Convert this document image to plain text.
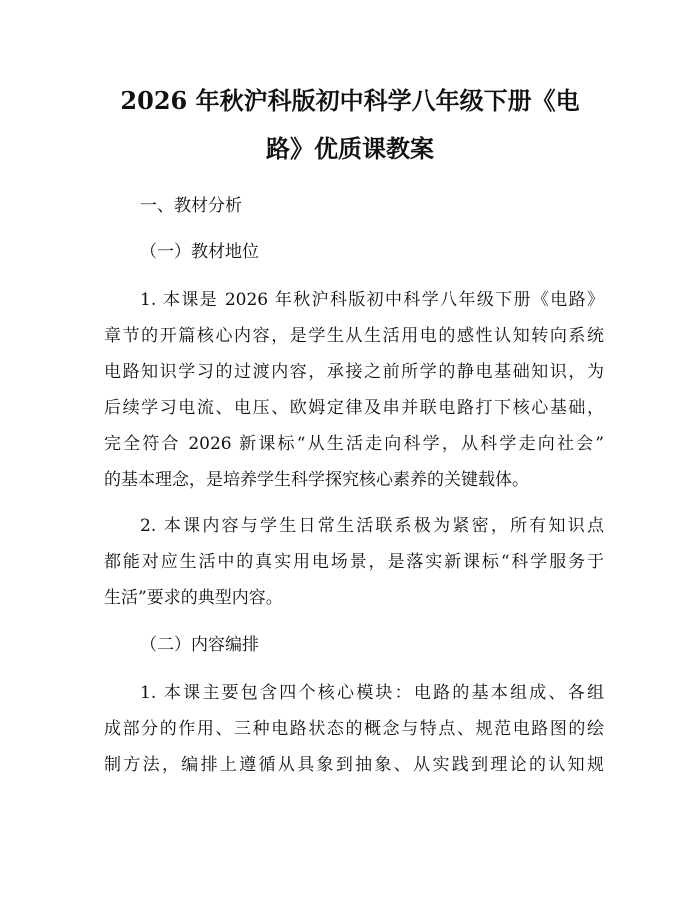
2026 年秋沪科版初中科学八年级下册《电
路》优质课教案
一、教材分析
（一）教材地位
1. 本课是 2026 年秋沪科版初中科学八年级下册《电路》
章节的开篇核心内容，是学生从生活用电的感性认知转向系统
电路知识学习的过渡内容，承接之前所学的静电基础知识，为
后续学习电流、电压、欧姆定律及串并联电路打下核心基础，
完全符合 2026 新课标“从生活走向科学，从科学走向社会”
的基本理念，是培养学生科学探究核心素养的关键载体。
2. 本课内容与学生日常生活联系极为紧密，所有知识点
都能对应生活中的真实用电场景，是落实新课标“科学服务于
生活”要求的典型内容。
（二）内容编排
1. 本课主要包含四个核心模块：电路的基本组成、各组
成部分的作用、三种电路状态的概念与特点、规范电路图的绘
制方法，编排上遵循从具象到抽象、从实践到理论的认知规
